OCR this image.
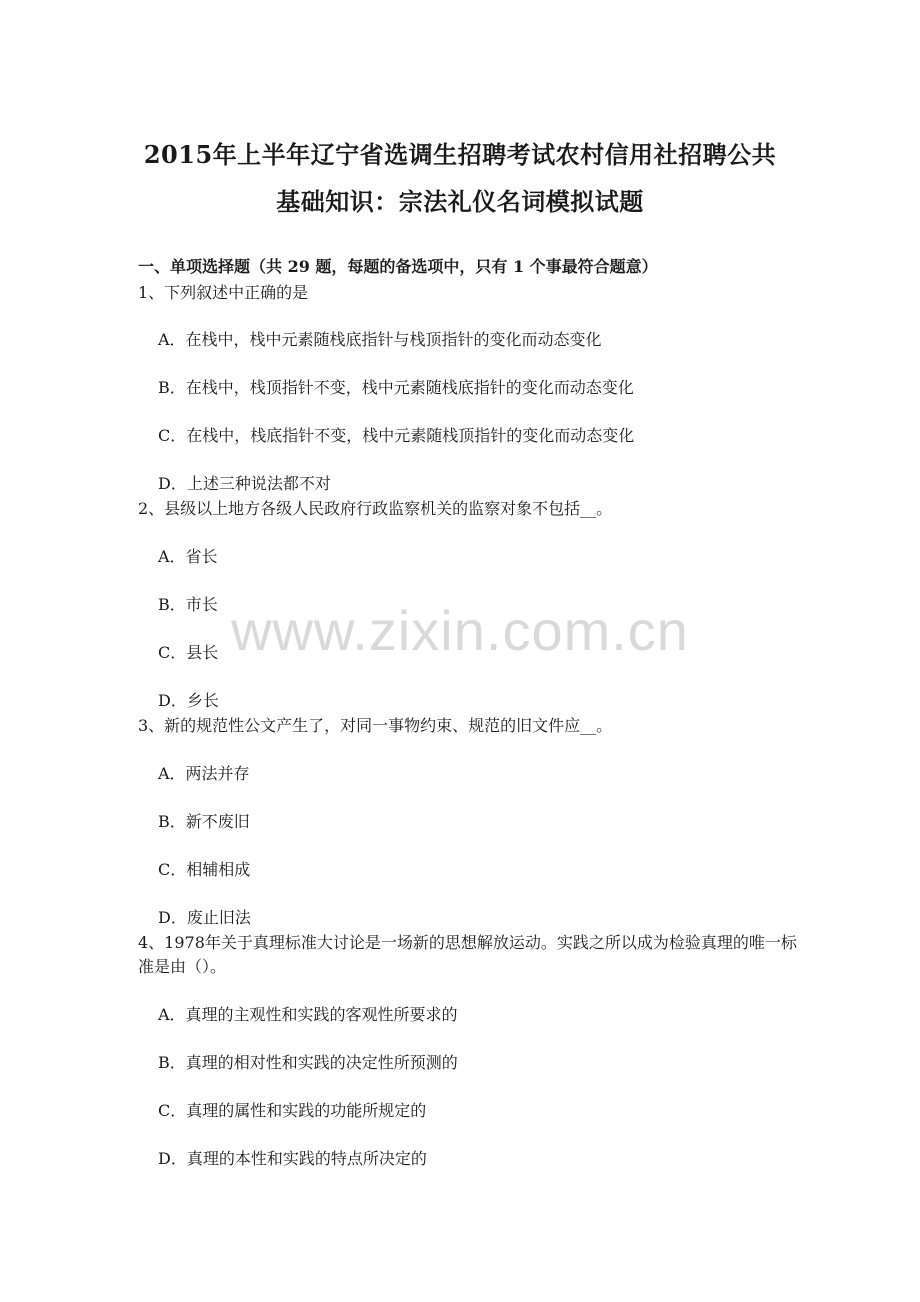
2015年上半年辽宁省选调生招聘考试农村信用社招聘公共
基础知识：宗法礼仪名词模拟试题
一、单项选择题（共 29 题，每题的备选项中，只有 1 个事最符合题意）
1、下列叙述中正确的是
A．在栈中，栈中元素随栈底指针与栈顶指针的变化而动态变化
B．在栈中，栈顶指针不变，栈中元素随栈底指针的变化而动态变化
C．在栈中，栈底指针不变，栈中元素随栈顶指针的变化而动态变化
D．上述三种说法都不对
2、县级以上地方各级人民政府行政监察机关的监察对象不包括__。
A．省长
B．市长
C．县长
D．乡长
3、新的规范性公文产生了，对同一事物约束、规范的旧文件应__。
A．两法并存
B．新不废旧
C．相辅相成
D．废止旧法
4、1978年关于真理标准大讨论是一场新的思想解放运动。实践之所以成为检验真理的唯一标准是由（）。
A．真理的主观性和实践的客观性所要求的
B．真理的相对性和实践的决定性所预测的
C．真理的属性和实践的功能所规定的
D．真理的本性和实践的特点所决定的
www.zixin.com.cn
